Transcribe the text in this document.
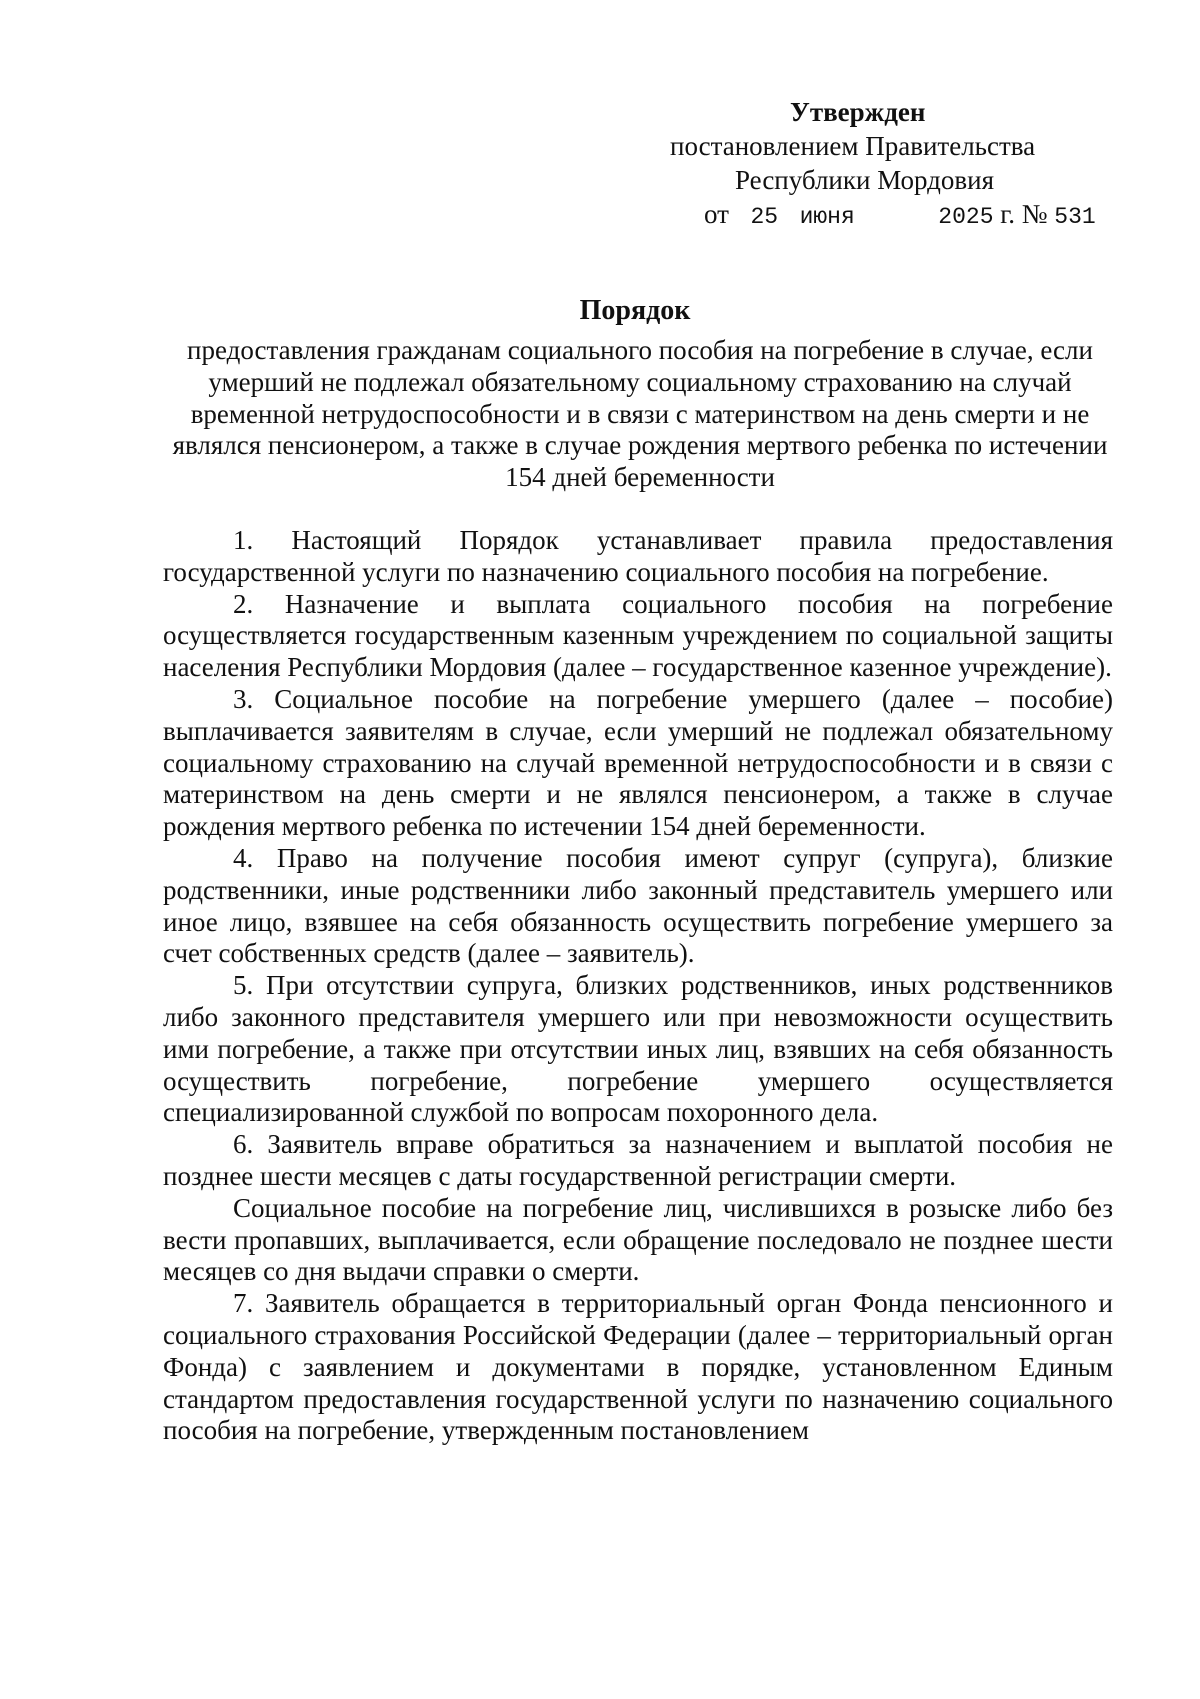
Утвержден
постановлением Правительства
Республики Мордовия
от 25 июня	2025 г. № 531
Порядок
предоставления гражданам социального пособия на погребение в случае, если умерший не подлежал обязательному социальному страхованию на случай временной нетрудоспособности и в связи с материнством на день смерти и не являлся пенсионером, а также в случае рождения мертвого ребенка по истечении 154 дней беременности

1. Настоящий Порядок устанавливает правила предоставления государственной услуги по назначению социального пособия на погребение.

2. Назначение и выплата социального пособия на погребение осуществляется государственным казенным учреждением по социальной защиты населения Республики Мордовия (далее – государственное казенное учреждение).

3. Социальное пособие на погребение умершего (далее – пособие) выплачивается заявителям в случае, если умерший не подлежал обязательному социальному страхованию на случай временной нетрудоспособности и в связи с материнством на день смерти и не являлся пенсионером, а также в случае рождения мертвого ребенка по истечении 154 дней беременности.

4. Право на получение пособия имеют супруг (супруга), близкие родственники, иные родственники либо законный представитель умершего или иное лицо, взявшее на себя обязанность осуществить погребение умершего за счет собственных средств (далее – заявитель).

5. При отсутствии супруга, близких родственников, иных родственников либо законного представителя умершего или при невозможности осуществить ими погребение, а также при отсутствии иных лиц, взявших на себя обязанность осуществить погребение, погребение умершего осуществляется специализированной службой по вопросам похоронного дела.

6. Заявитель вправе обратиться за назначением и выплатой пособия не позднее шести месяцев с даты государственной регистрации смерти.

Социальное пособие на погребение лиц, числившихся в розыске либо без вести пропавших, выплачивается, если обращение последовало не позднее шести месяцев со дня выдачи справки о смерти.

7. Заявитель обращается в территориальный орган Фонда пенсионного и социального страхования Российской Федерации (далее – территориальный орган Фонда) с заявлением и документами в порядке, установленном Единым стандартом предоставления государственной услуги по назначению социального пособия на погребение, утвержденным постановлением
